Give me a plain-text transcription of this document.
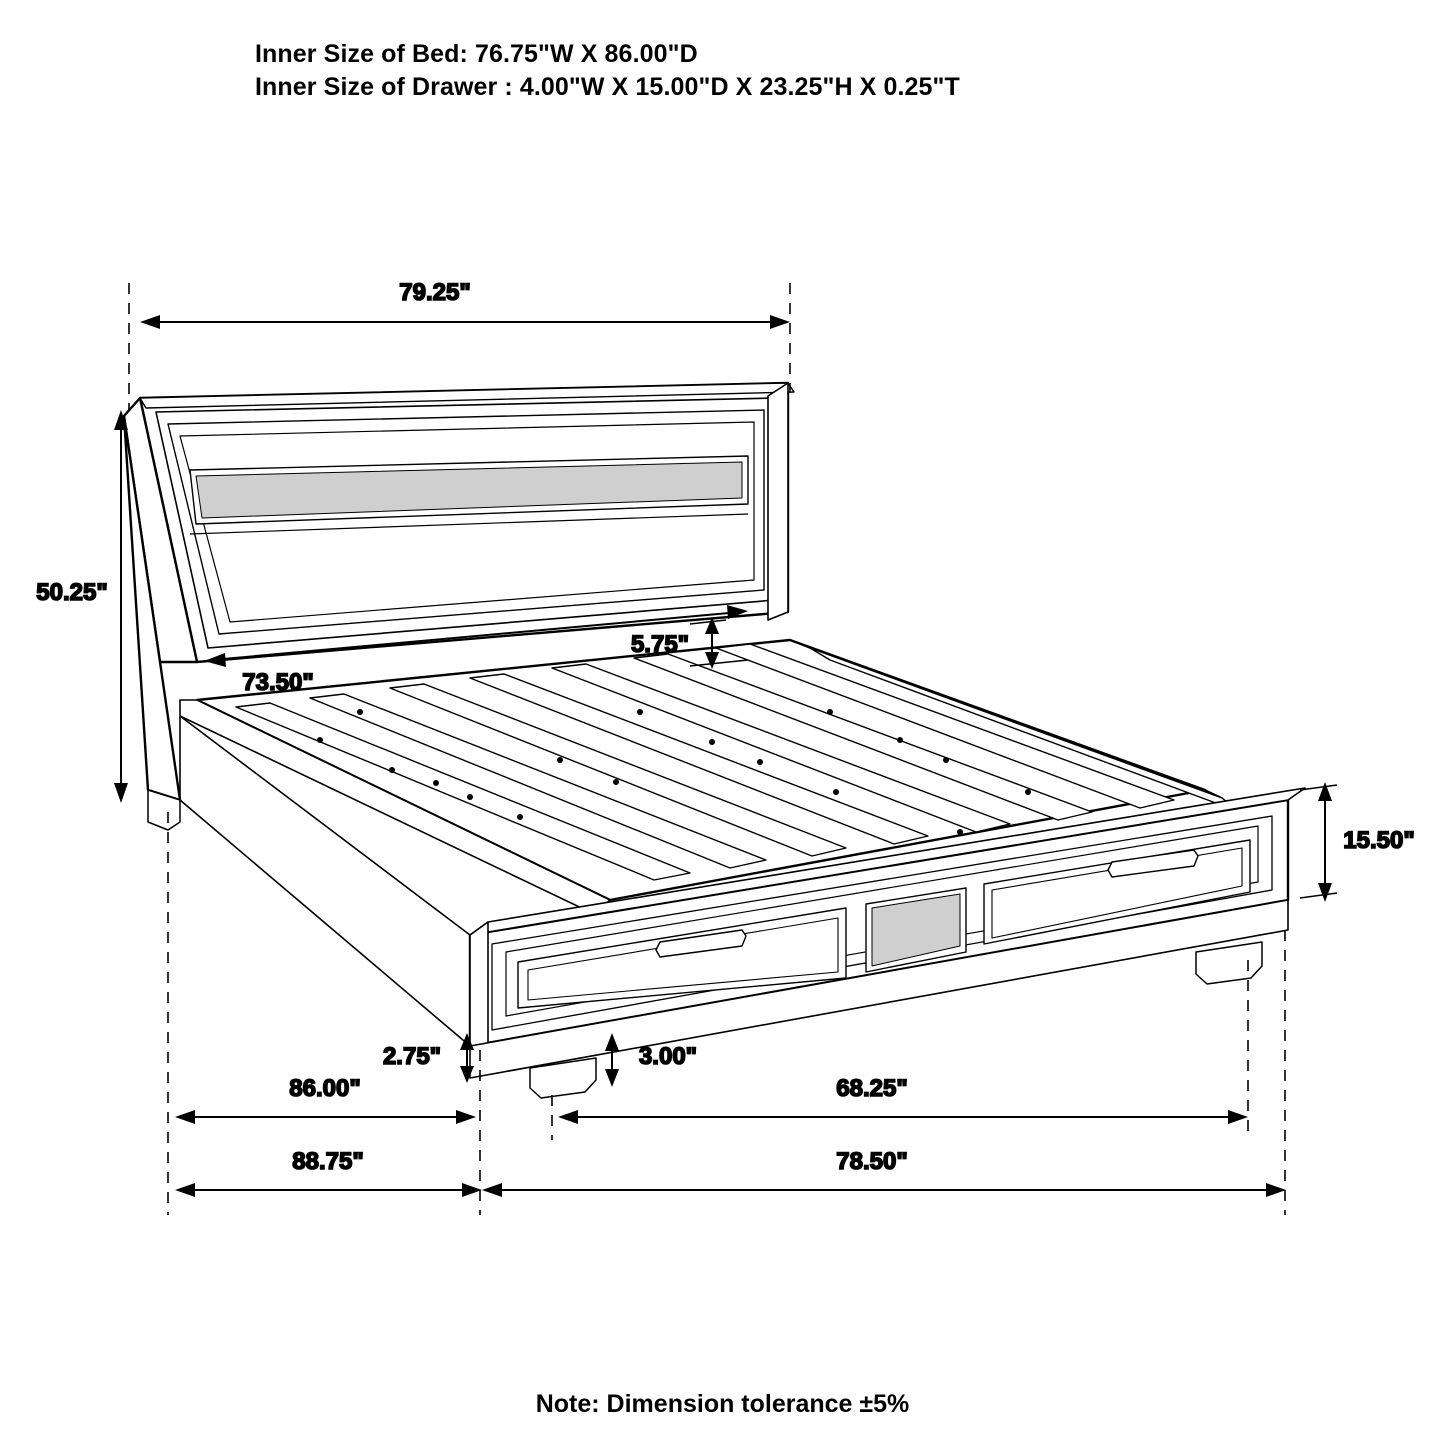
Inner Size of Bed: 76.75"W X 86.00"D
Inner Size of Drawer : 4.00"W X 15.00"D X 23.25"H X 0.25"T
79.25"
50.25"
73.50"
5.75"
15.50"
2.75"	3.00"
86.00"	68.25"
88.75"	78.50"
Note: Dimension tolerance ±5%
